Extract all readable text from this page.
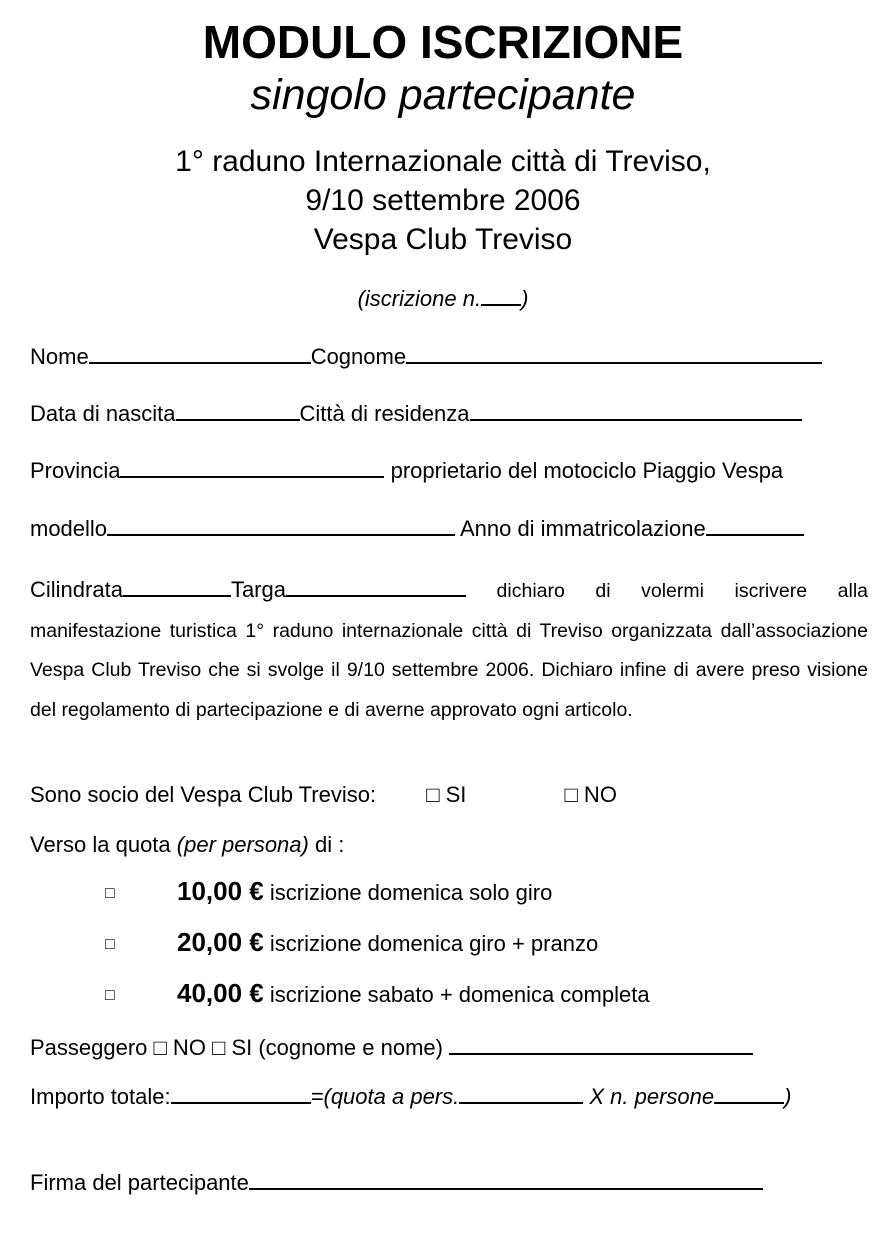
MODULO ISCRIZIONE
singolo partecipante
1° raduno Internazionale città di Treviso,
9/10 settembre 2006
Vespa Club Treviso
(iscrizione n. )
Nome	Cognome
Data di nascita	Città di residenza
Provincia	proprietario del motociclo Piaggio Vespa
modello	Anno di immatricolazione
Cilindrata	Targa	dichiaro di volermi iscrivere alla manifestazione turistica 1° raduno internazionale città di Treviso organizzata dall’associazione Vespa Club Treviso che si svolge il 9/10 settembre 2006. Dichiaro infine di avere preso visione del regolamento di partecipazione e di averne approvato ogni articolo.
Sono socio del Vespa Club Treviso: □ SI	□ NO
Verso la quota (per persona) di :
□ 10,00 € iscrizione domenica solo giro
□ 20,00 € iscrizione domenica giro + pranzo
□ 40,00 € iscrizione sabato + domenica completa
Passeggero □ NO □ SI (cognome e nome)
Importo totale:	=(quota a pers.	X n. persone	)
Firma del partecipante
